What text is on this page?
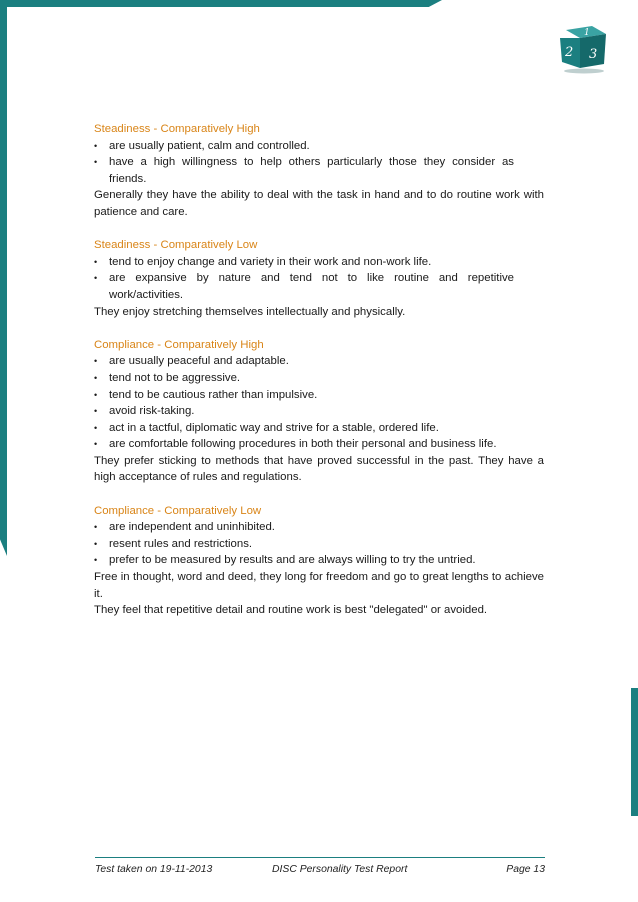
1
2 3
Steadiness - Comparatively High
• are usually patient, calm and controlled.
• have a high willingness to help others particularly those they consider as friends.
Generally they have the ability to deal with the task in hand and to do routine work with patience and care.
Steadiness - Comparatively Low
• tend to enjoy change and variety in their work and non-work life.
• are expansive by nature and tend not to like routine and repetitive work/activities.
They enjoy stretching themselves intellectually and physically.
Compliance - Comparatively High
• are usually peaceful and adaptable.
• tend not to be aggressive.
• tend to be cautious rather than impulsive.
• avoid risk-taking.
• act in a tactful, diplomatic way and strive for a stable, ordered life.
• are comfortable following procedures in both their personal and business life.
They prefer sticking to methods that have proved successful in the past. They have a high acceptance of rules and regulations.
Compliance - Comparatively Low
• are independent and uninhibited.
• resent rules and restrictions.
• prefer to be measured by results and are always willing to try the untried.
Free in thought, word and deed, they long for freedom and go to great lengths to achieve it.
They feel that repetitive detail and routine work is best "delegated" or avoided.
Test taken on 19-11-2013	DISC Personality Test Report	Page 13
